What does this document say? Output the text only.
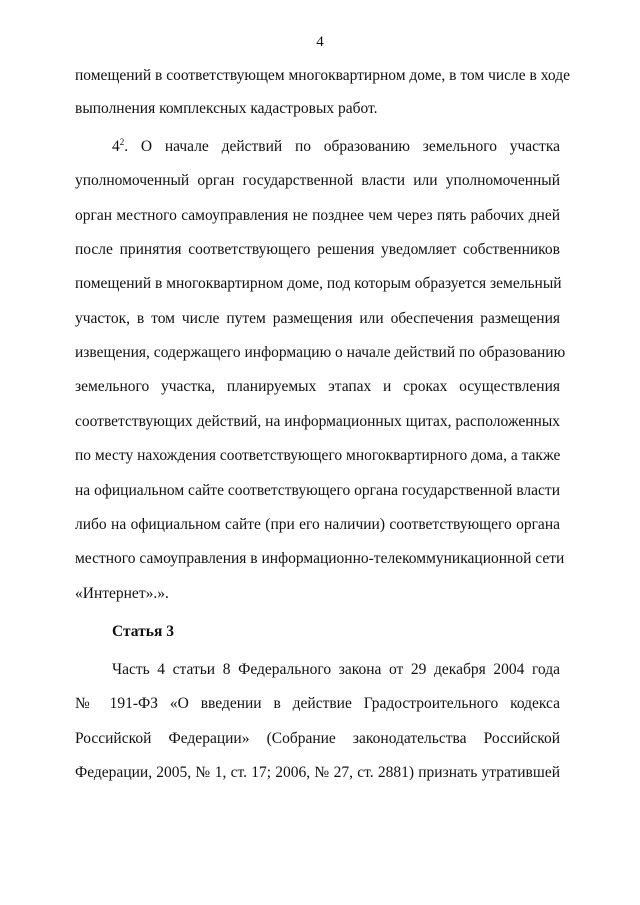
4
помещений в соответствующем многоквартирном доме, в том числе в ходе
выполнения комплексных кадастровых работ.
$4^2$. О начале действий по образованию земельного участка
уполномоченный орган государственной власти или уполномоченный
орган местного самоуправления не позднее чем через пять рабочих дней
после принятия соответствующего решения уведомляет собственников
помещений в многоквартирном доме, под которым образуется земельный
участок, в том числе путем размещения или обеспечения размещения
извещения, содержащего информацию о начале действий по образованию
земельного участка, планируемых этапах и сроках осуществления
соответствующих действий, на информационных щитах, расположенных
по месту нахождения соответствующего многоквартирного дома, а также
на официальном сайте соответствующего органа государственной власти
либо на официальном сайте (при его наличии) соответствующего органа
местного самоуправления в информационно-телекоммуникационной сети
«Интернет».».
Статья 3
Часть 4 статьи 8 Федерального закона от 29 декабря 2004 года
№ 191-ФЗ «О введении в действие Градостроительного кодекса
Российской Федерации» (Собрание законодательства Российской
Федерации, 2005, № 1, ст. 17; 2006, № 27, ст. 2881) признать утратившей
